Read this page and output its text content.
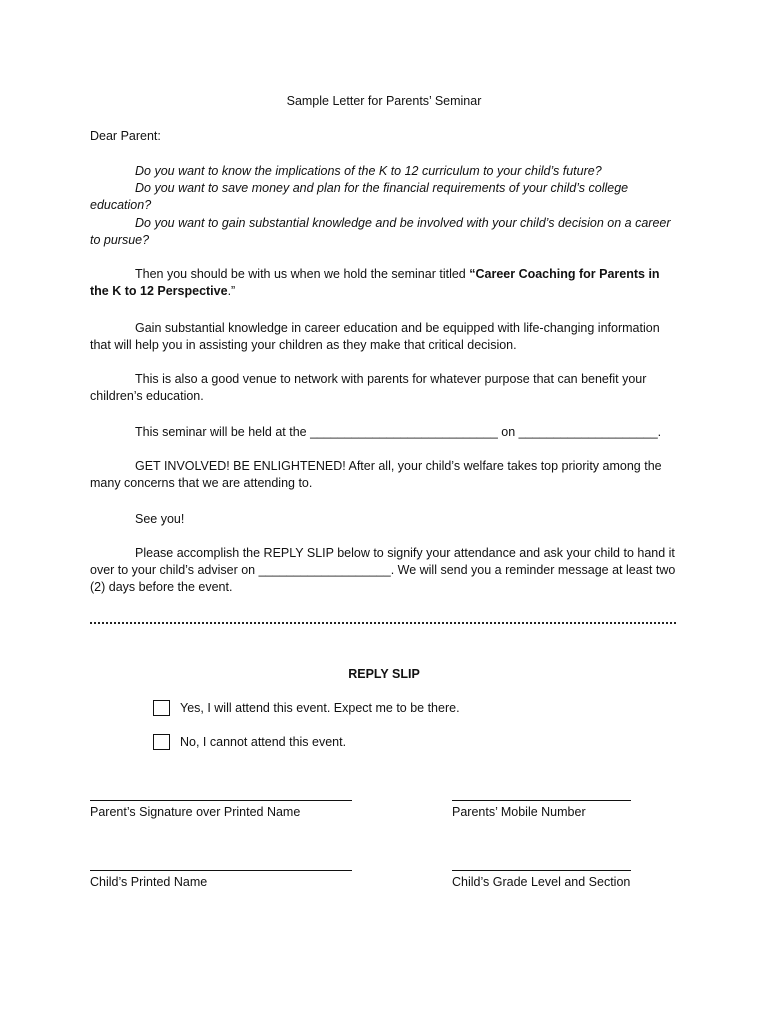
Sample Letter for Parents’ Seminar
Dear Parent:
Do you want to know the implications of the K to 12 curriculum to your child’s future?
Do you want to save money and plan for the financial requirements of your child’s college education?
Do you want to gain substantial knowledge and be involved with your child’s decision on a career to pursue?
Then you should be with us when we hold the seminar titled “Career Coaching for Parents in the K to 12 Perspective.”
Gain substantial knowledge in career education and be equipped with life-changing information that will help you in assisting your children as they make that critical decision.
This is also a good venue to network with parents for whatever purpose that can benefit your children’s education.
This seminar will be held at the ___________________________ on ____________________.
GET INVOLVED! BE ENLIGHTENED! After all, your child’s welfare takes top priority among the many concerns that we are attending to.
See you!
Please accomplish the REPLY SLIP below to signify your attendance and ask your child to hand it over to your child’s adviser on ___________________. We will send you a reminder message at least two (2) days before the event.
REPLY SLIP
Yes, I will attend this event. Expect me to be there.
No, I cannot attend this event.
Parent’s Signature over Printed Name	Parents’ Mobile Number
Child’s Printed Name	Child’s Grade Level and Section
